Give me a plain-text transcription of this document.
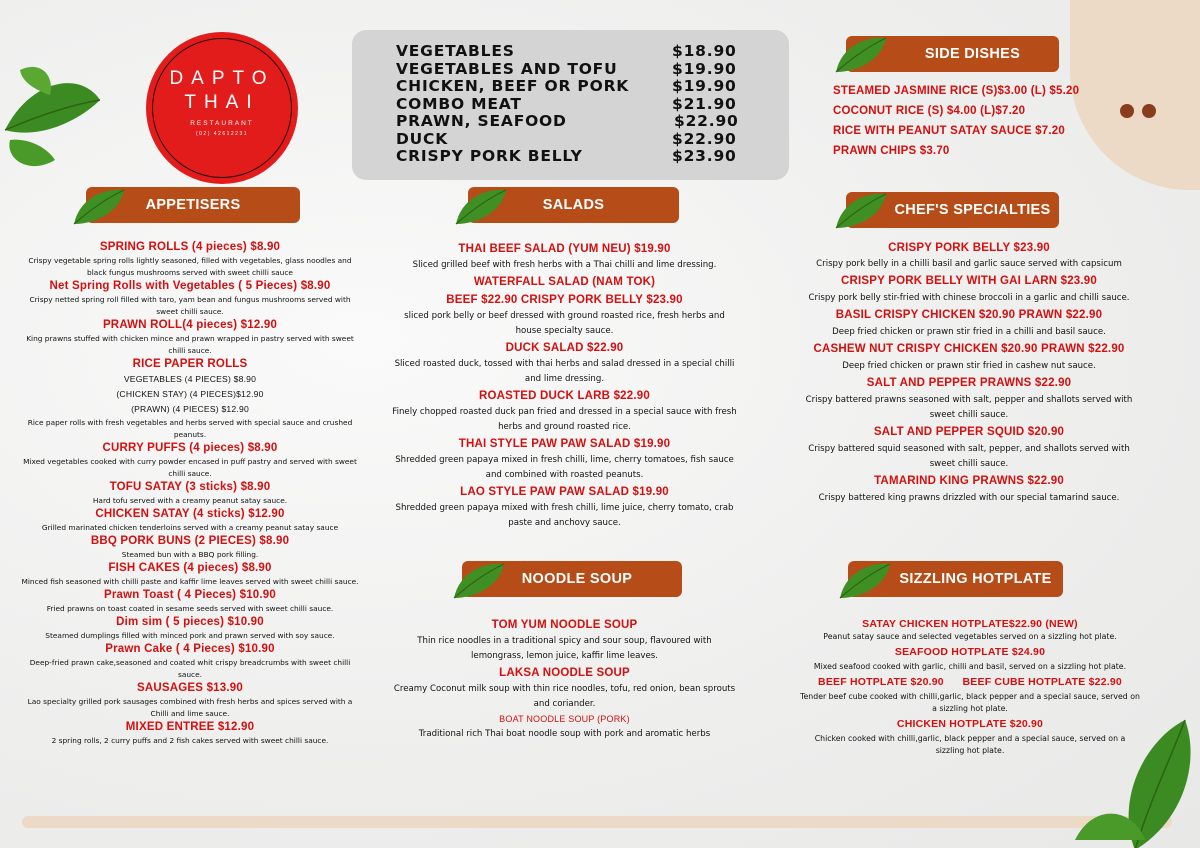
DAPTO
THAI
RESTAURANT
(02) 42612231
VEGETABLES	$18.90
VEGETABLES AND TOFU	$19.90
CHICKEN, BEEF OR PORK	$19.90
COMBO MEAT	$21.90
PRAWN, SEAFOOD	$22.90
DUCK	$22.90
CRISPY PORK BELLY	$23.90
SIDE DISHES
STEAMED JASMINE RICE (S)$3.00 (L) $5.20
COCONUT RICE (S) $4.00 (L)$7.20
RICE WITH PEANUT SATAY SAUCE $7.20
PRAWN CHIPS $3.70
APPETISERS
SPRING ROLLS (4 pieces) $8.90
Crispy vegetable spring rolls lightly seasoned, filled with vegetables, glass noodles and black fungus mushrooms served with sweet chilli sauce
Net Spring Rolls with Vegetables ( 5 Pieces) $8.90
Crispy netted spring roll filled with taro, yam bean and fungus mushrooms served with sweet chilli sauce.
PRAWN ROLL(4 pieces) $12.90
King prawns stuffed with chicken mince and prawn wrapped in pastry served with sweet chilli sauce.
RICE PAPER ROLLS
VEGETABLES (4 PIECES) $8.90
(CHICKEN STAY) (4 PIECES)$12.90
(PRAWN) (4 PIECES) $12.90
Rice paper rolls with fresh vegetables and herbs served with special sauce and crushed peanuts.
CURRY PUFFS (4 pieces) $8.90
Mixed vegetables cooked with curry powder encased in puff pastry and served with sweet chilli sauce.
TOFU SATAY (3 sticks) $8.90
Hard tofu served with a creamy peanut satay sauce.
CHICKEN SATAY (4 sticks) $12.90
Grilled marinated chicken tenderloins served with a creamy peanut satay sauce
BBQ PORK BUNS (2 PIECES) $8.90
Steamed bun with a BBQ pork filling.
FISH CAKES (4 pieces) $8.90
Minced fish seasoned with chilli paste and kaffir lime leaves served with sweet chilli sauce.
Prawn Toast ( 4 Pieces) $10.90
Fried prawns on toast coated in sesame seeds served with sweet chilli sauce.
Dim sim ( 5 pieces) $10.90
Steamed dumplings filled with minced pork and prawn served with soy sauce.
Prawn Cake ( 4 Pieces) $10.90
Deep-fried prawn cake,seasoned and coated whit crispy breadcrumbs with sweet chilli sauce.
SAUSAGES $13.90
Lao specialty grilled pork sausages combined with fresh herbs and spices served with a Chilli and lime sauce.
MIXED ENTREE $12.90
2 spring rolls, 2 curry puffs and 2 fish cakes served with sweet chilli sauce.
SALADS
THAI BEEF SALAD (YUM NEU) $19.90
Sliced grilled beef with fresh herbs with a Thai chilli and lime dressing.
WATERFALL SALAD (NAM TOK)
BEEF $22.90 CRISPY PORK BELLY $23.90
sliced pork belly or beef dressed with ground roasted rice, fresh herbs and house specialty sauce.
DUCK SALAD $22.90
Sliced roasted duck, tossed with thai herbs and salad dressed in a special chilli and lime dressing.
ROASTED DUCK LARB $22.90
Finely chopped roasted duck pan fried and dressed in a special sauce with fresh herbs and ground roasted rice.
THAI STYLE PAW PAW SALAD $19.90
Shredded green papaya mixed in fresh chilli, lime, cherry tomatoes, fish sauce and combined with roasted peanuts.
LAO STYLE PAW PAW SALAD $19.90
Shredded green papaya mixed with fresh chilli, lime juice, cherry tomato, crab paste and anchovy sauce.
NOODLE SOUP
TOM YUM NOODLE SOUP
Thin rice noodles in a traditional spicy and sour soup, flavoured with lemongrass, lemon juice, kaffir lime leaves.
LAKSA NOODLE SOUP
Creamy Coconut milk soup with thin rice noodles, tofu, red onion, bean sprouts and coriander.
BOAT NOODLE SOUP (PORK)
Traditional rich Thai boat noodle soup with pork and aromatic herbs
CHEF'S SPECIALTIES
CRISPY PORK BELLY $23.90
Crispy pork belly in a chilli basil and garlic sauce served with capsicum
CRISPY PORK BELLY WITH GAI LARN $23.90
Crispy pork belly stir-fried with chinese broccoli in a garlic and chilli sauce.
BASIL CRISPY CHICKEN $20.90 PRAWN $22.90
Deep fried chicken or prawn stir fried in a chilli and basil sauce.
CASHEW NUT CRISPY CHICKEN $20.90 PRAWN $22.90
Deep fried chicken or prawn stir fried in cashew nut sauce.
SALT AND PEPPER PRAWNS $22.90
Crispy battered prawns seasoned with salt, pepper and shallots served with sweet chilli sauce.
SALT AND PEPPER SQUID $20.90
Crispy battered squid seasoned with salt, pepper, and shallots served with sweet chilli sauce.
TAMARIND KING PRAWNS $22.90
Crispy battered king prawns drizzled with our special tamarind sauce.
SIZZLING HOTPLATE
SATAY CHICKEN HOTPLATE$22.90 (NEW)
Peanut satay sauce and selected vegetables served on a sizzling hot plate.
SEAFOOD HOTPLATE $24.90
Mixed seafood cooked with garlic, chilli and basil, served on a sizzling hot plate.
BEEF HOTPLATE $20.90      BEEF CUBE HOTPLATE $22.90
Tender beef cube cooked with chilli,garlic, black pepper and a special sauce, served on a sizzling hot plate.
CHICKEN HOTPLATE $20.90
Chicken cooked with chilli,garlic, black pepper and a special sauce, served on a sizzling hot plate.
